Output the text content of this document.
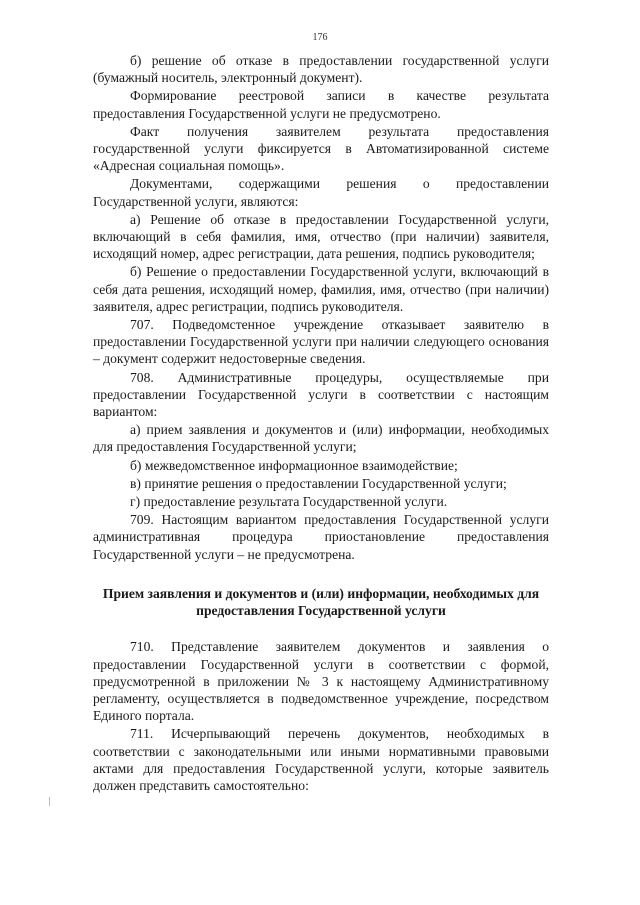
176

б) решение об отказе в предоставлении государственной услуги (бумажный носитель, электронный документ).

Формирование реестровой записи в качестве результата предоставления Государственной услуги не предусмотрено.

Факт получения заявителем результата предоставления государственной услуги фиксируется в Автоматизированной системе «Адресная социальная помощь».

Документами, содержащими решения о предоставлении Государственной услуги, являются:

а) Решение об отказе в предоставлении Государственной услуги, включающий в себя фамилия, имя, отчество (при наличии) заявителя, исходящий номер, адрес регистрации, дата решения, подпись руководителя;

б) Решение о предоставлении Государственной услуги, включающий в себя дата решения, исходящий номер, фамилия, имя, отчество (при наличии) заявителя, адрес регистрации, подпись руководителя.

707. Подведомстенное учреждение отказывает заявителю в предоставлении Государственной услуги при наличии следующего основания – документ содержит недостоверные сведения.

708. Административные процедуры, осуществляемые при предоставлении Государственной услуги в соответствии с настоящим вариантом:

а) прием заявления и документов и (или) информации, необходимых для предоставления Государственной услуги;

б) межведомственное информационное взаимодействие;

в) принятие решения о предоставлении Государственной услуги;

г) предоставление результата Государственной услуги.

709. Настоящим вариантом предоставления Государственной услуги административная процедура приостановление предоставления Государственной услуги – не предусмотрена.

Прием заявления и документов и (или) информации, необходимых для предоставления Государственной услуги

710. Представление заявителем документов и заявления о предоставлении Государственной услуги в соответствии с формой, предусмотренной в приложении № 3 к настоящему Административному регламенту, осуществляется в подведомственное учреждение, посредством Единого портала.

711. Исчерпывающий перечень документов, необходимых в соответствии с законодательными или иными нормативными правовыми актами для предоставления Государственной услуги, которые заявитель должен представить самостоятельно:
